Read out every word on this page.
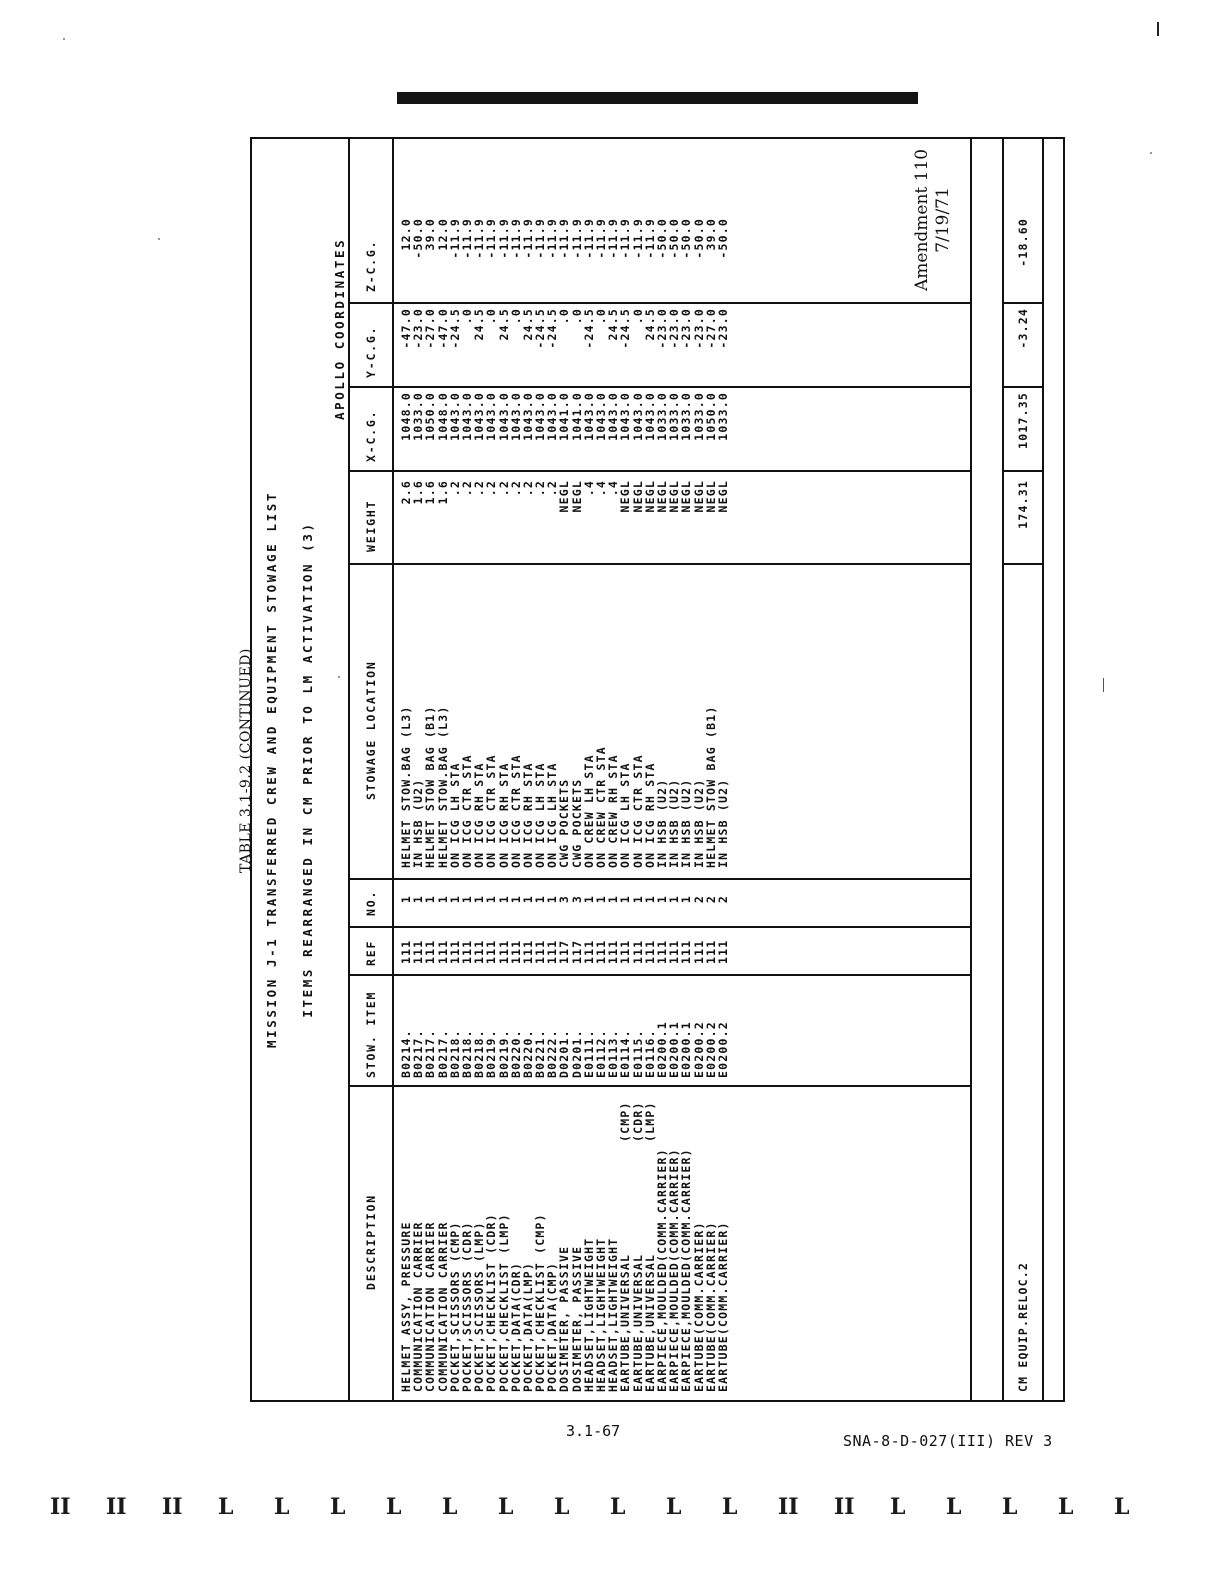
Amendment 110 7/19/71
TABLE 3.1-9.2 (CONTINUED) MISSION J-1 TRANSFERRED CREW AND EQUIPMENT STOWAGE LIST ITEMS REARRANGED IN CM PRIOR TO LM ACTIVATION (3)
APOLLO COORDINATES
DESCRIPTION
STOW. ITEM
REF
NO.
STOWAGE LOCATION
WEIGHT
X-C.G.
Y-C.G.
Z-C.G.
HELMET ASSY, PRESSURE
B0214.
111
1
HELMET STOW.BAG (L3)
2.6
1048.0
-47.0
12.0
COMMUNICATION CARRIER
B0217.
111
1
IN HSB (U2)
1.6
1033.0
-23.0
-50.0
COMMUNICATION CARRIER
B0217.
111
1
HELMET STOW BAG (B1)
1.6
1050.0
-27.0
39.0
COMMUNICATION CARRIER
B0217.
111
1
HELMET STOW.BAG (L3)
1.6
1048.0
-47.0
12.0
POCKET,SCISSORS (CMP)
B0218.
111
1
ON ICG LH STA
.2
1043.0
-24.5
-11.9
POCKET,SCISSORS (CDR)
B0218.
111
1
ON ICG CTR STA
.2
1043.0
.0
-11.9
POCKET,SCISSORS (LMP)
B0218.
111
1
ON ICG RH STA
.2
1043.0
24.5
-11.9
POCKET,CHECKLIST (CDR)
B0219.
111
1
ON ICG CTR STA
.2
1043.0
.0
-11.9
POCKET,CHECKLIST (LMP)
B0219.
111
1
ON ICG RH STA
.2
1043.0
24.5
-11.9
POCKET,DATA(CDR)
B0220.
111
1
ON ICG CTR STA
.2
1043.0
.0
-11.9
POCKET,DATA(LMP)
B0220.
111
1
ON ICG RH STA
.2
1043.0
24.5
-11.9
POCKET,CHECKLIST (CMP)
B0221.
111
1
ON ICG LH STA
.2
1043.0
-24.5
-11.9
POCKET,DATA(CMP)
B0222.
111
1
ON ICG LH STA
.2
1043.0
-24.5
-11.9
DOSIMETER, PASSIVE
D0201.
117
3
CWG POCKETS
NEGL
1041.0
.0
-11.9
DOSIMETER, PASSIVE
D0201.
117
3
CWG POCKETS
NEGL
1041.0
.0
-11.9
HEADSET,LIGHTWEIGHT
E0111.
111
1
ON CREW LH STA
.4
1043.0
-24.5
-11.9
HEADSET,LIGHTWEIGHT
E0112.
111
1
ON CREW CTR STA
.4
1043.0
.0
-11.9
HEADSET,LIGHTWEIGHT
E0113.
111
1
ON CREW RH STA
.4
1043.0
24.5
-11.9
EARTUBE,UNIVERSAL
(CMP)
E0114.
111
1
ON ICG LH STA
NEGL
1043.0
-24.5
-11.9
EARTUBE,UNIVERSAL
(CDR)
E0115.
111
1
ON ICG CTR STA
NEGL
1043.0
.0
-11.9
EARTUBE,UNIVERSAL
(LMP)
E0116.
111
1
ON ICG RH STA
NEGL
1043.0
24.5
-11.9
EARPIECE,MOULDED(COMM.CARRIER)
E0200.1
111
1
IN HSB (U2)
NEGL
1033.0
-23.0
-50.0
EARPIECE,MOULDED(COMM.CARRIER)
E0200.1
111
1
IN HSB (U2)
NEGL
1033.0
-23.0
-50.0
EARPIECE,MOULDED(COMM.CARRIER)
E0200.1
111
1
IN HSB (U2)
NEGL
1033.0
-23.0
-50.0
EARTUBE(COMM.CARRIER)
E0200.2
111
2
IN HSB (U2)
NEGL
1033.0
-23.0
-50.0
EARTUBE(COMM.CARRIER)
E0200.2
111
2
HELMET STOW BAG (B1)
NEGL
1050.0
-27.0
39.0
EARTUBE(COMM.CARRIER)
E0200.2
111
2
IN HSB (U2)
NEGL
1033.0
-23.0
-50.0
CM EQUIP.RELOC.2
174.31
1017.35
-3.24
-18.60
3.1-67
SNA-8-D-027(III) REV 3
II II II L L L L L L L L L L II II L L L L L
